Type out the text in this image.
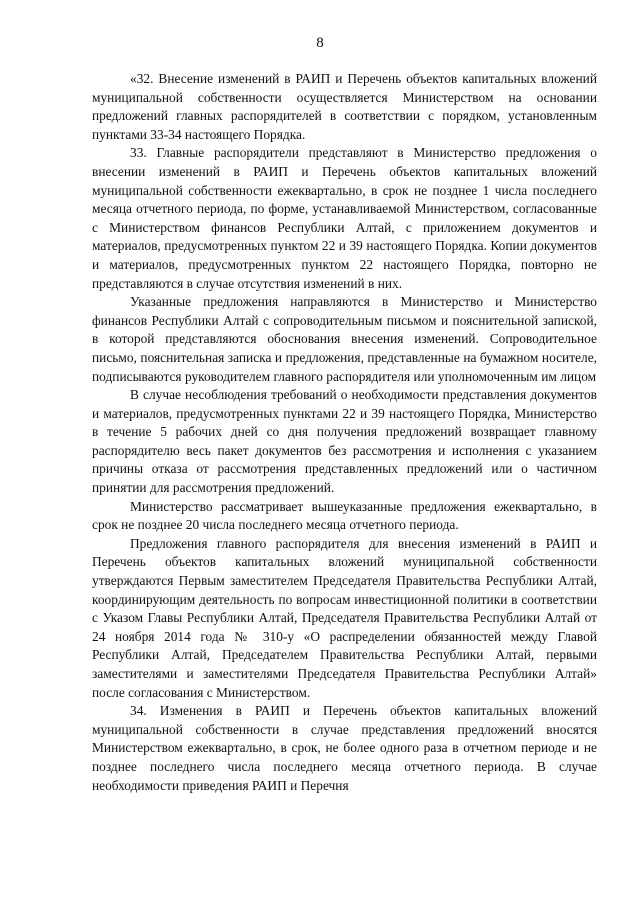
8

«32. Внесение изменений в РАИП и Перечень объектов капитальных вложений муниципальной собственности осуществляется Министерством на основании предложений главных распорядителей в соответствии с порядком, установленным пунктами 33-34 настоящего Порядка.

33. Главные распорядители представляют в Министерство предложения о внесении изменений в РАИП и Перечень объектов капитальных вложений муниципальной собственности ежеквартально, в срок не позднее 1 числа последнего месяца отчетного периода, по форме, устанавливаемой Министерством, согласованные с Министерством финансов Республики Алтай, с приложением документов и материалов, предусмотренных пунктом 22 и 39 настоящего Порядка. Копии документов и материалов, предусмотренных пунктом 22 настоящего Порядка, повторно не представляются в случае отсутствия изменений в них.

Указанные предложения направляются в Министерство и Министерство финансов Республики Алтай с сопроводительным письмом и пояснительной запиской, в которой представляются обоснования внесения изменений. Сопроводительное письмо, пояснительная записка и предложения, представленные на бумажном носителе, подписываются руководителем главного распорядителя или уполномоченным им лицом

В случае несоблюдения требований о необходимости представления документов и материалов, предусмотренных пунктами 22 и 39 настоящего Порядка, Министерство в течение 5 рабочих дней со дня получения предложений возвращает главному распорядителю весь пакет документов без рассмотрения и исполнения с указанием причины отказа от рассмотрения представленных предложений или о частичном принятии для рассмотрения предложений.

Министерство рассматривает вышеуказанные предложения ежеквартально, в срок не позднее 20 числа последнего месяца отчетного периода.

Предложения главного распорядителя для внесения изменений в РАИП и Перечень объектов капитальных вложений муниципальной собственности утверждаются Первым заместителем Председателя Правительства Республики Алтай, координирующим деятельность по вопросам инвестиционной политики в соответствии с Указом Главы Республики Алтай, Председателя Правительства Республики Алтай от 24 ноября 2014 года № 310-у «О распределении обязанностей между Главой Республики Алтай, Председателем Правительства Республики Алтай, первыми заместителями и заместителями Председателя Правительства Республики Алтай» после согласования с Министерством.

34. Изменения в РАИП и Перечень объектов капитальных вложений муниципальной собственности в случае представления предложений вносятся Министерством ежеквартально, в срок, не более одного раза в отчетном периоде и не позднее последнего числа последнего месяца отчетного периода. В случае необходимости приведения РАИП и Перечня
